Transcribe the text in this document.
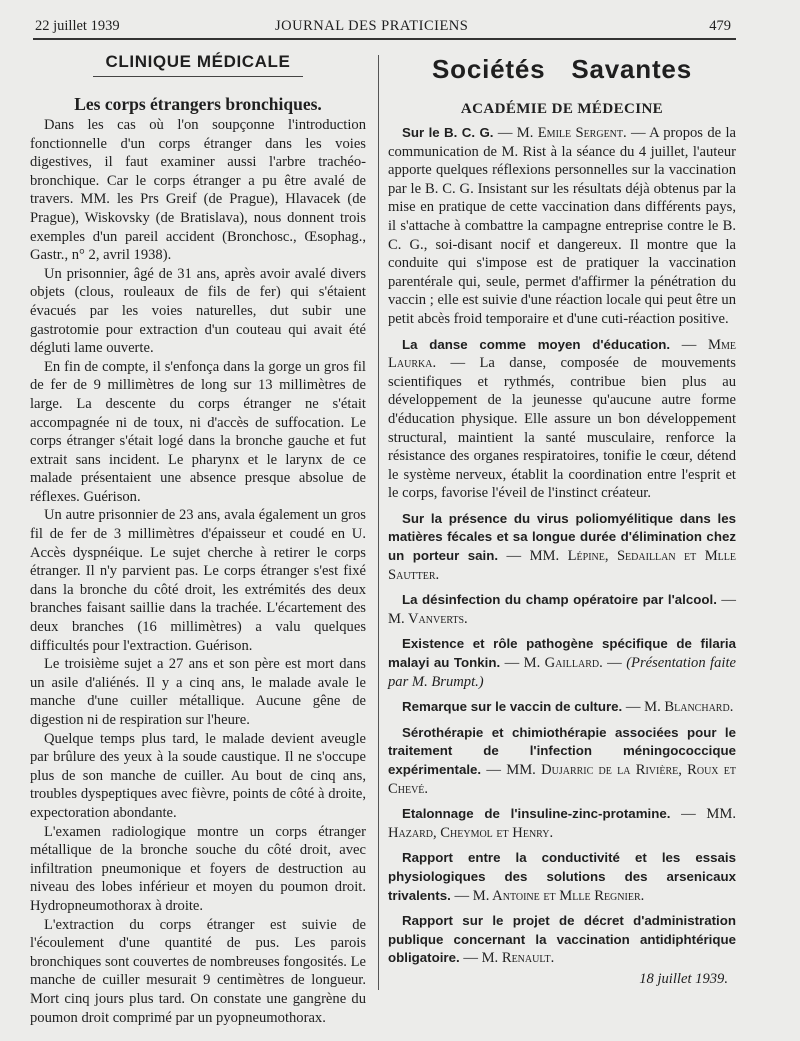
22 juillet 1939	JOURNAL DES PRATICIENS	479
CLINIQUE MÉDICALE
Les corps étrangers bronchiques.

Dans les cas où l'on soupçonne l'introduction fonctionnelle d'un corps étranger dans les voies digestives, il faut examiner aussi l'arbre trachéo-bronchique. Car le corps étranger a pu être avalé de travers. MM. les Prs Greif (de Prague), Hlavacek (de Prague), Wiskovsky (de Bratislava), nous donnent trois exemples d'un pareil accident (Bronchosc., Œsophag., Gastr., n° 2, avril 1938).

Un prisonnier, âgé de 31 ans, après avoir avalé divers objets (clous, rouleaux de fils de fer) qui s'étaient évacués par les voies naturelles, dut subir une gastrotomie pour extraction d'un couteau qui avait été dégluti lame ouverte.

En fin de compte, il s'enfonça dans la gorge un gros fil de fer de 9 millimètres de long sur 13 millimètres de large. La descente du corps étranger ne s'était accompagnée ni de toux, ni d'accès de suffocation. Le corps étranger s'était logé dans la bronche gauche et fut extrait sans incident. Le pharynx et le larynx de ce malade présentaient une absence presque absolue de réflexes. Guérison.

Un autre prisonnier de 23 ans, avala également un gros fil de fer de 3 millimètres d'épaisseur et coudé en U. Accès dyspnéique. Le sujet cherche à retirer le corps étranger. Il n'y parvient pas. Le corps étranger s'est fixé dans la bronche du côté droit, les extrémités des deux branches faisant saillie dans la trachée. L'écartement des deux branches (16 millimètres) a valu quelques difficultés pour l'extraction. Guérison.

Le troisième sujet a 27 ans et son père est mort dans un asile d'aliénés. Il y a cinq ans, le malade avale le manche d'une cuiller métallique. Aucune gêne de digestion ni de respiration sur l'heure.

Quelque temps plus tard, le malade devient aveugle par brûlure des yeux à la soude caustique. Il ne s'occupe plus de son manche de cuiller. Au bout de cinq ans, troubles dyspeptiques avec fièvre, points de côté à droite, expectoration abondante.

L'examen radiologique montre un corps étranger métallique de la bronche souche du côté droit, avec infiltration pneumonique et foyers de destruction au niveau des lobes inférieur et moyen du poumon droit. Hydropneumothorax à droite.

L'extraction du corps étranger est suivie de l'écoulement d'une quantité de pus. Les parois bronchiques sont couvertes de nombreuses fongosités. Le manche de cuiller mesurait 9 centimètres de longueur. Mort cinq jours plus tard. On constate une gangrène du poumon droit comprimé par un pyopneumothorax.

Sociétés Savantes
ACADÉMIE DE MÉDECINE

Sur le B. C. G. — M. Emile Sergent. — A propos de la communication de M. Rist à la séance du 4 juillet, l'auteur apporte quelques réflexions personnelles sur la vaccination par le B. C. G. Insistant sur les résultats déjà obtenus par la mise en pratique de cette vaccination dans différents pays, il s'attache à combattre la campagne entreprise contre le B. C. G., soi-disant nocif et dangereux. Il montre que la conduite qui s'impose est de pratiquer la vaccination parentérale qui, seule, permet d'affirmer la pénétration du vaccin ; elle est suivie d'une réaction locale qui peut être un petit abcès froid temporaire et d'une cuti-réaction positive.

La danse comme moyen d'éducation. — Mme Laurka. — La danse, composée de mouvements scientifiques et rythmés, contribue bien plus au développement de la jeunesse qu'aucune autre forme d'éducation physique. Elle assure un bon développement structural, maintient la santé musculaire, renforce la résistance des organes respiratoires, tonifie le cœur, détend le système nerveux, établit la coordination entre l'esprit et le corps, favorise l'éveil de l'instinct créateur.

Sur la présence du virus poliomyélitique dans les matières fécales et sa longue durée d'élimination chez un porteur sain. — MM. Lépine, Sedaillan et Mlle Sautter.

La désinfection du champ opératoire par l'alcool. — M. Vanverts.

Existence et rôle pathogène spécifique de filaria malayi au Tonkin. — M. Gaillard. — (Présentation faite par M. Brumpt.)

Remarque sur le vaccin de culture. — M. Blanchard.

Sérothérapie et chimiothérapie associées pour le traitement de l'infection méningococcique expérimentale. — MM. Dujarric de la Rivière, Roux et Chevé.

Etalonnage de l'insuline-zinc-protamine. — MM. Hazard, Cheymol et Henry.

Rapport entre la conductivité et les essais physiologiques des solutions des arsenicaux trivalents. — M. Antoine et Mlle Regnier.

Rapport sur le projet de décret d'administration publique concernant la vaccination antidiphtérique obligatoire. — M. Renault.

18 juillet 1939.
